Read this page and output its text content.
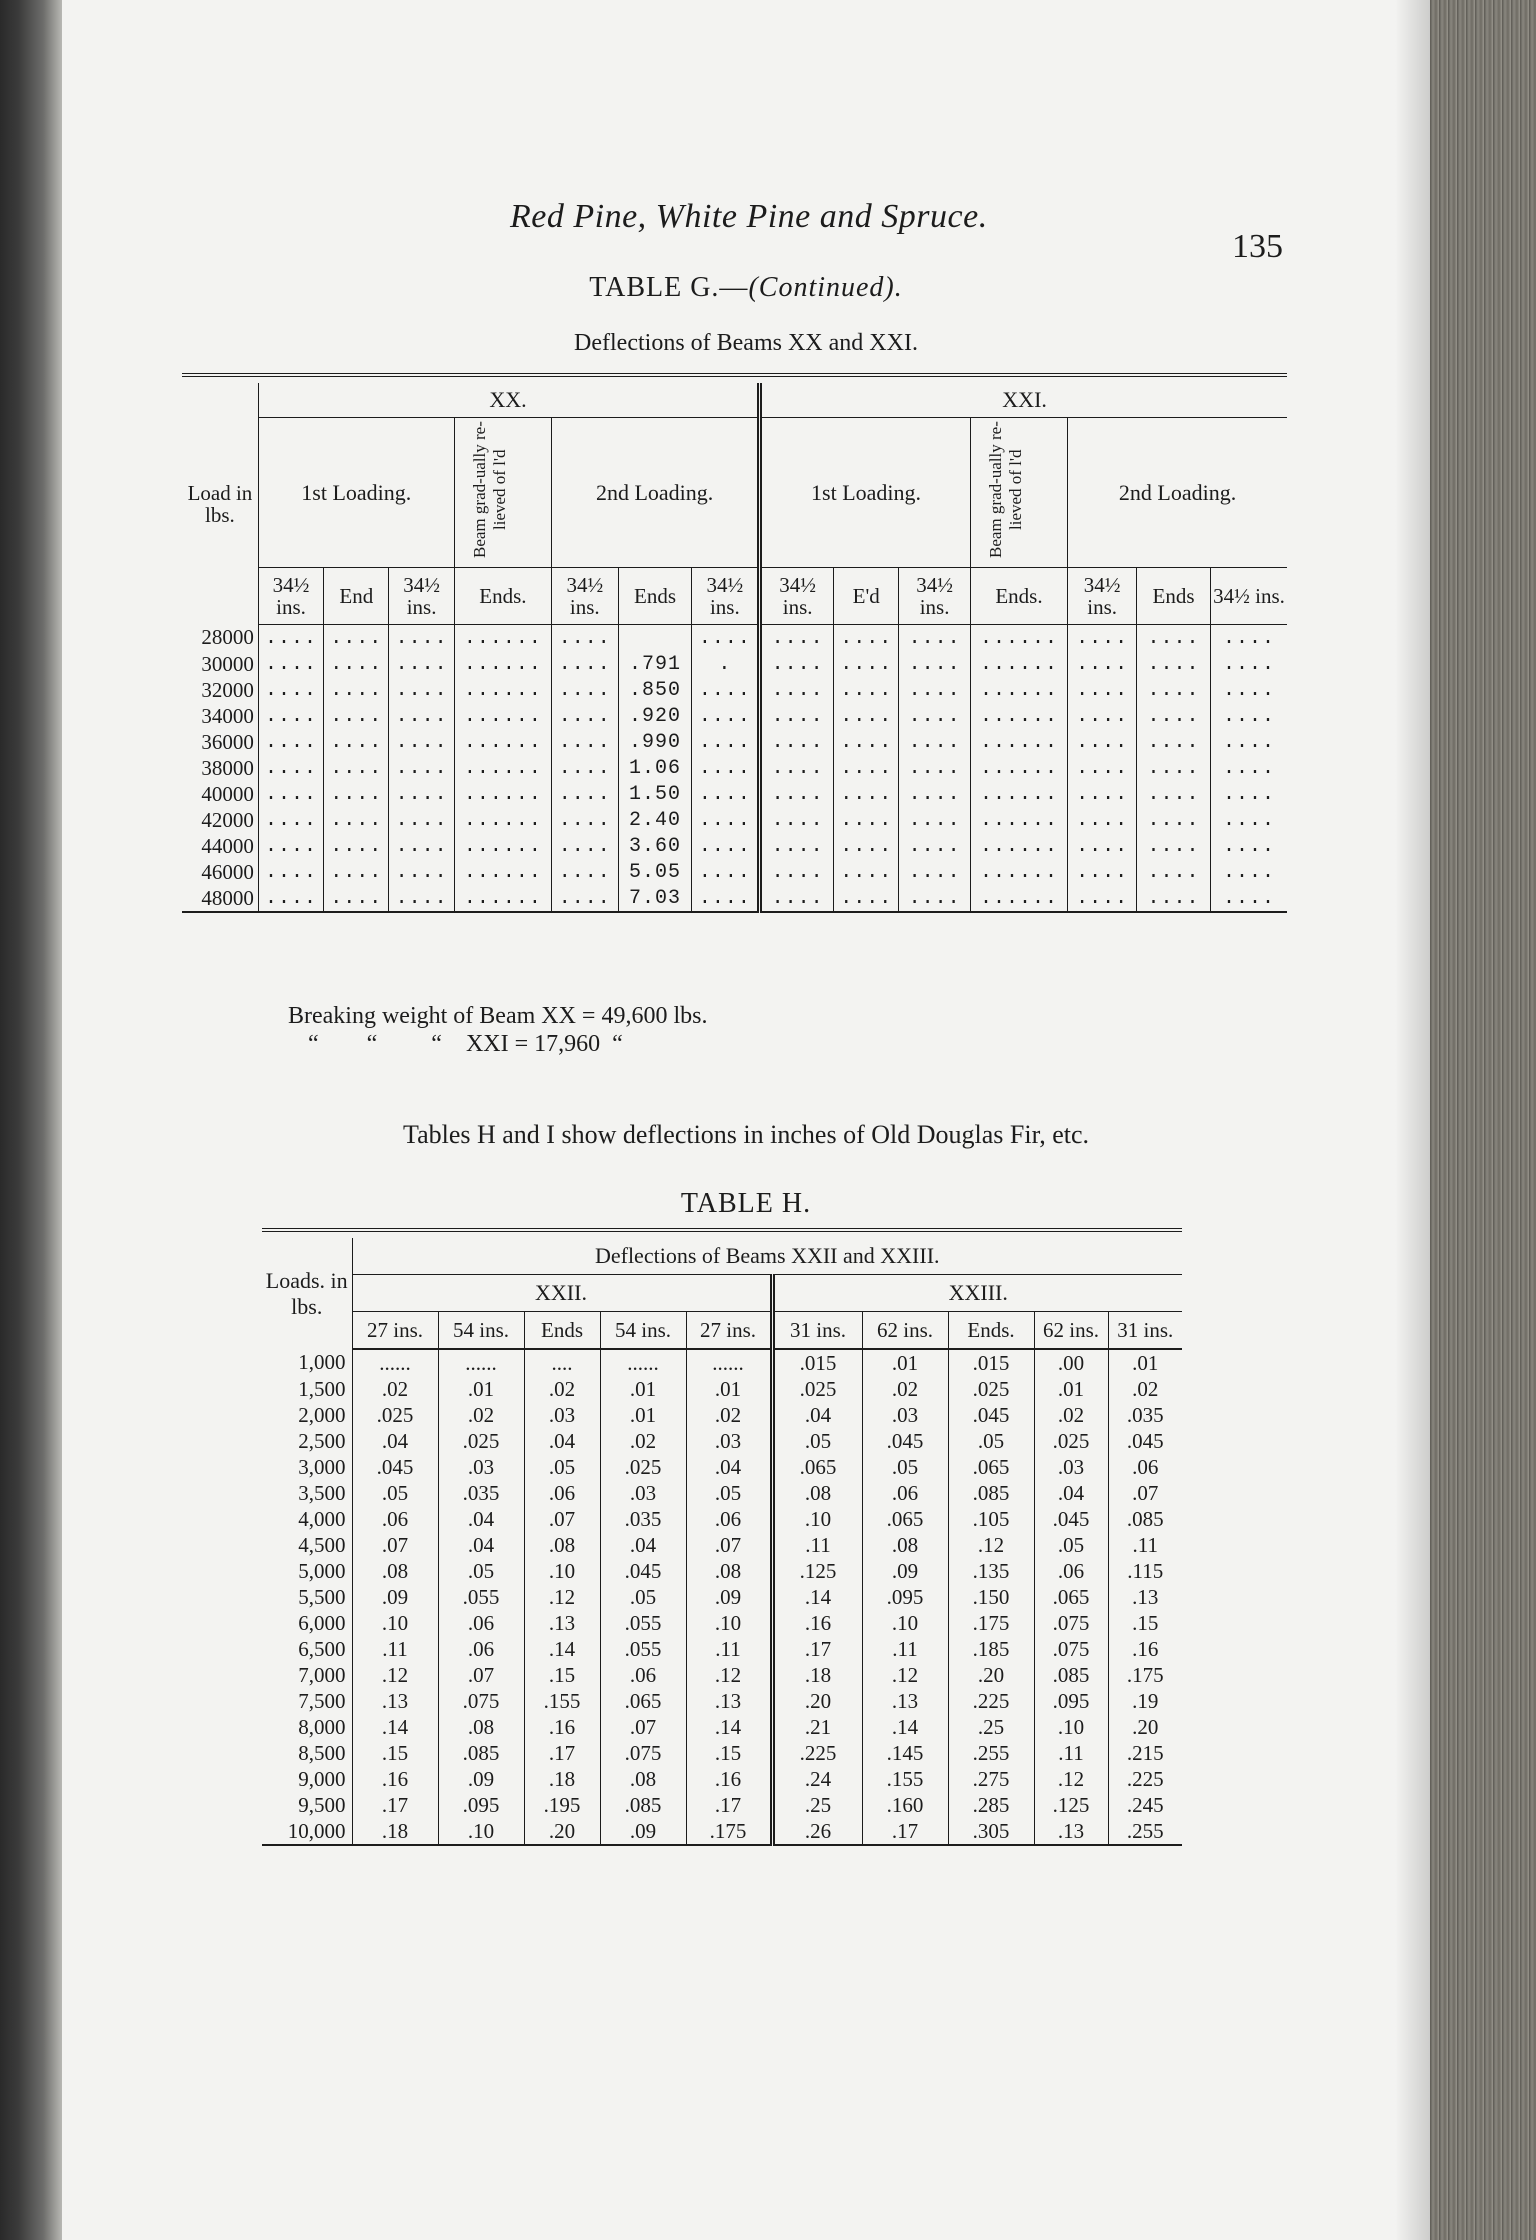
Red Pine, White Pine and Spruce.
135
TABLE G.—(Continued).
Deflections of Beams XX and XXI.

Load in lbs.	XX.							XXI.						
	1st Loading.			Beam grad-ually re-lieved of l'd	2nd Loading.			1st Loading.			Beam grad-ually re-lieved of l'd	2nd Loading.		
	34½ ins.	End	34½ ins.	Ends.	34½ ins.	Ends	34½ ins.	34½ ins.	E'd	34½ ins.	Ends.	34½ ins.	Ends	34½ ins.
28000	....	....	....	......	....		....	....	....	....	......	....	....	....
30000	....	....	....	......	....	.791	.	....	....	....	......	....	....	....
32000	....	....	....	......	....	.850	....	....	....	....	......	....	....	....
34000	....	....	....	......	....	.920	....	....	....	....	......	....	....	....
36000	....	....	....	......	....	.990	....	....	....	....	......	....	....	....
38000	....	....	....	......	....	1.06	....	....	....	....	......	....	....	....
40000	....	....	....	......	....	1.50	....	....	....	....	......	....	....	....
42000	....	....	....	......	....	2.40	....	....	....	....	......	....	....	....
44000	....	....	....	......	....	3.60	....	....	....	....	......	....	....	....
46000	....	....	....	......	....	5.05	....	....	....	....	......	....	....	....
48000	....	....	....	......	....	7.03	....	....	....	....	......	....	....	....

Breaking weight of Beam XX = 49,600 lbs.
“        “         “    XXI = 17,960  “
Tables H and I show deflections in inches of Old Douglas Fir, etc.
TABLE H.

Loads. in lbs.	Deflections of Beams XXII and XXIII.									
	XXII.					XXIII.				
	27 ins.	54 ins.	Ends	54 ins.	27 ins.	31 ins.	62 ins.	Ends.	62 ins.	31 ins.
1,000	......	......	....	......	......	.015	.01	.015	.00	.01
1,500	.02	.01	.02	.01	.01	.025	.02	.025	.01	.02
2,000	.025	.02	.03	.01	.02	.04	.03	.045	.02	.035
2,500	.04	.025	.04	.02	.03	.05	.045	.05	.025	.045
3,000	.045	.03	.05	.025	.04	.065	.05	.065	.03	.06
3,500	.05	.035	.06	.03	.05	.08	.06	.085	.04	.07
4,000	.06	.04	.07	.035	.06	.10	.065	.105	.045	.085
4,500	.07	.04	.08	.04	.07	.11	.08	.12	.05	.11
5,000	.08	.05	.10	.045	.08	.125	.09	.135	.06	.115
5,500	.09	.055	.12	.05	.09	.14	.095	.150	.065	.13
6,000	.10	.06	.13	.055	.10	.16	.10	.175	.075	.15
6,500	.11	.06	.14	.055	.11	.17	.11	.185	.075	.16
7,000	.12	.07	.15	.06	.12	.18	.12	.20	.085	.175
7,500	.13	.075	.155	.065	.13	.20	.13	.225	.095	.19
8,000	.14	.08	.16	.07	.14	.21	.14	.25	.10	.20
8,500	.15	.085	.17	.075	.15	.225	.145	.255	.11	.215
9,000	.16	.09	.18	.08	.16	.24	.155	.275	.12	.225
9,500	.17	.095	.195	.085	.17	.25	.160	.285	.125	.245
10,000	.18	.10	.20	.09	.175	.26	.17	.305	.13	.255
